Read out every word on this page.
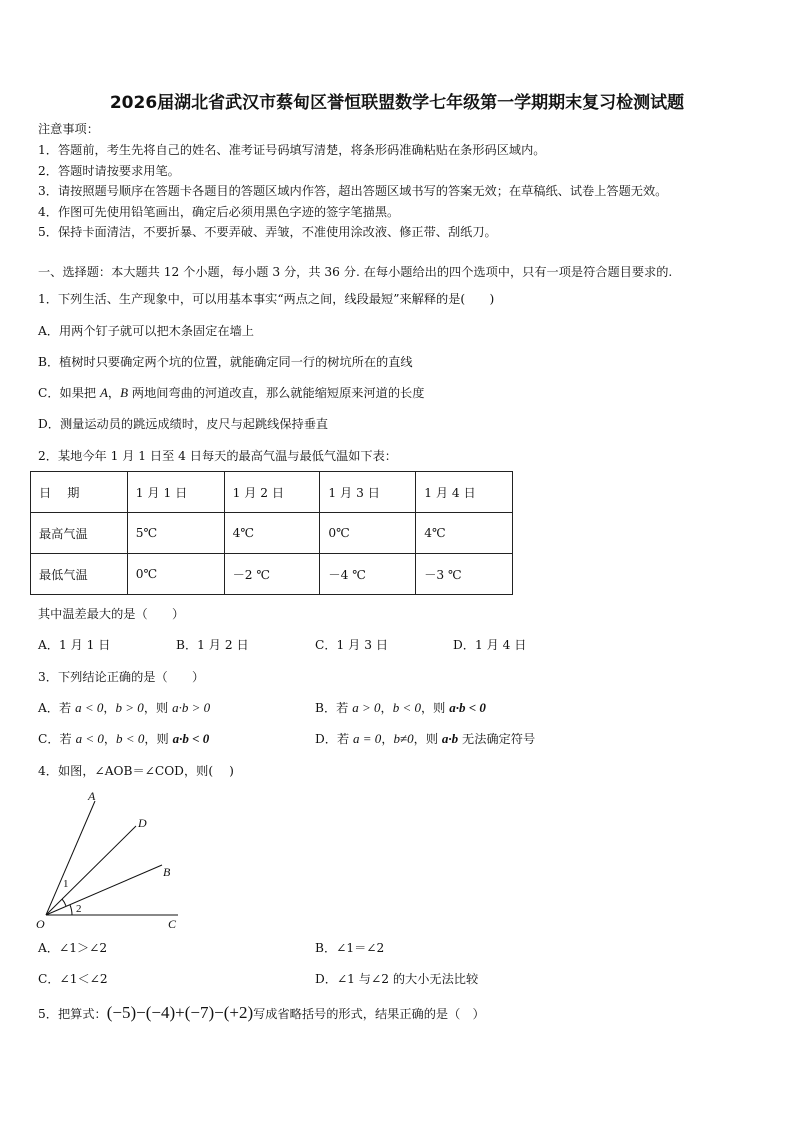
2026届湖北省武汉市蔡甸区誉恒联盟数学七年级第一学期期末复习检测试题
注意事项：
1．答题前，考生先将自己的姓名、准考证号码填写清楚，将条形码准确粘贴在条形码区域内。
2．答题时请按要求用笔。
3．请按照题号顺序在答题卡各题目的答题区域内作答，超出答题区域书写的答案无效；在草稿纸、试卷上答题无效。
4．作图可先使用铅笔画出，确定后必须用黑色字迹的签字笔描黑。
5．保持卡面清洁，不要折暴、不要弄破、弄皱，不准使用涂改液、修正带、刮纸刀。
一、选择题：本大题共 12 个小题，每小题 3 分，共 36 分. 在每小题给出的四个选项中，只有一项是符合题目要求的.
1．下列生活、生产现象中，可以用基本事实“两点之间，线段最短”来解释的是(　　)
A．用两个钉子就可以把木条固定在墙上
B．植树时只要确定两个坑的位置，就能确定同一行的树坑所在的直线
C．如果把 A，B 两地间弯曲的河道改直，那么就能缩短原来河道的长度
D．测量运动员的跳远成绩时，皮尺与起跳线保持垂直
2．某地今年 1 月 1 日至 4 日每天的最高气温与最低气温如下表：
日　 期	1 月 1 日	1 月 2 日	1 月 3 日	1 月 4 日
最高气温	5℃	4℃	0℃	4℃
最低气温	0℃	－2 ℃	－4 ℃	－3 ℃
其中温差最大的是（　　）
A．1 月 1 日	B．1 月 2 日	C．1 月 3 日	D．1 月 4 日
3．下列结论正确的是（　　）
A．若 a < 0，b > 0，则 a·b > 0	B．若 a > 0，b < 0，则 a·b < 0
C．若 a < 0，b < 0，则 a·b < 0	D．若 a = 0，b≠0，则 a·b 无法确定符号
4．如图，∠AOB＝∠COD，则(　 )
A
D
B
O	C
1
2
A．∠1＞∠2	B．∠1＝∠2
C．∠1＜∠2	D．∠1 与∠2 的大小无法比较
5．把算式：(−5)−(−4)+(−7)−(+2)写成省略括号的形式，结果正确的是（　）
